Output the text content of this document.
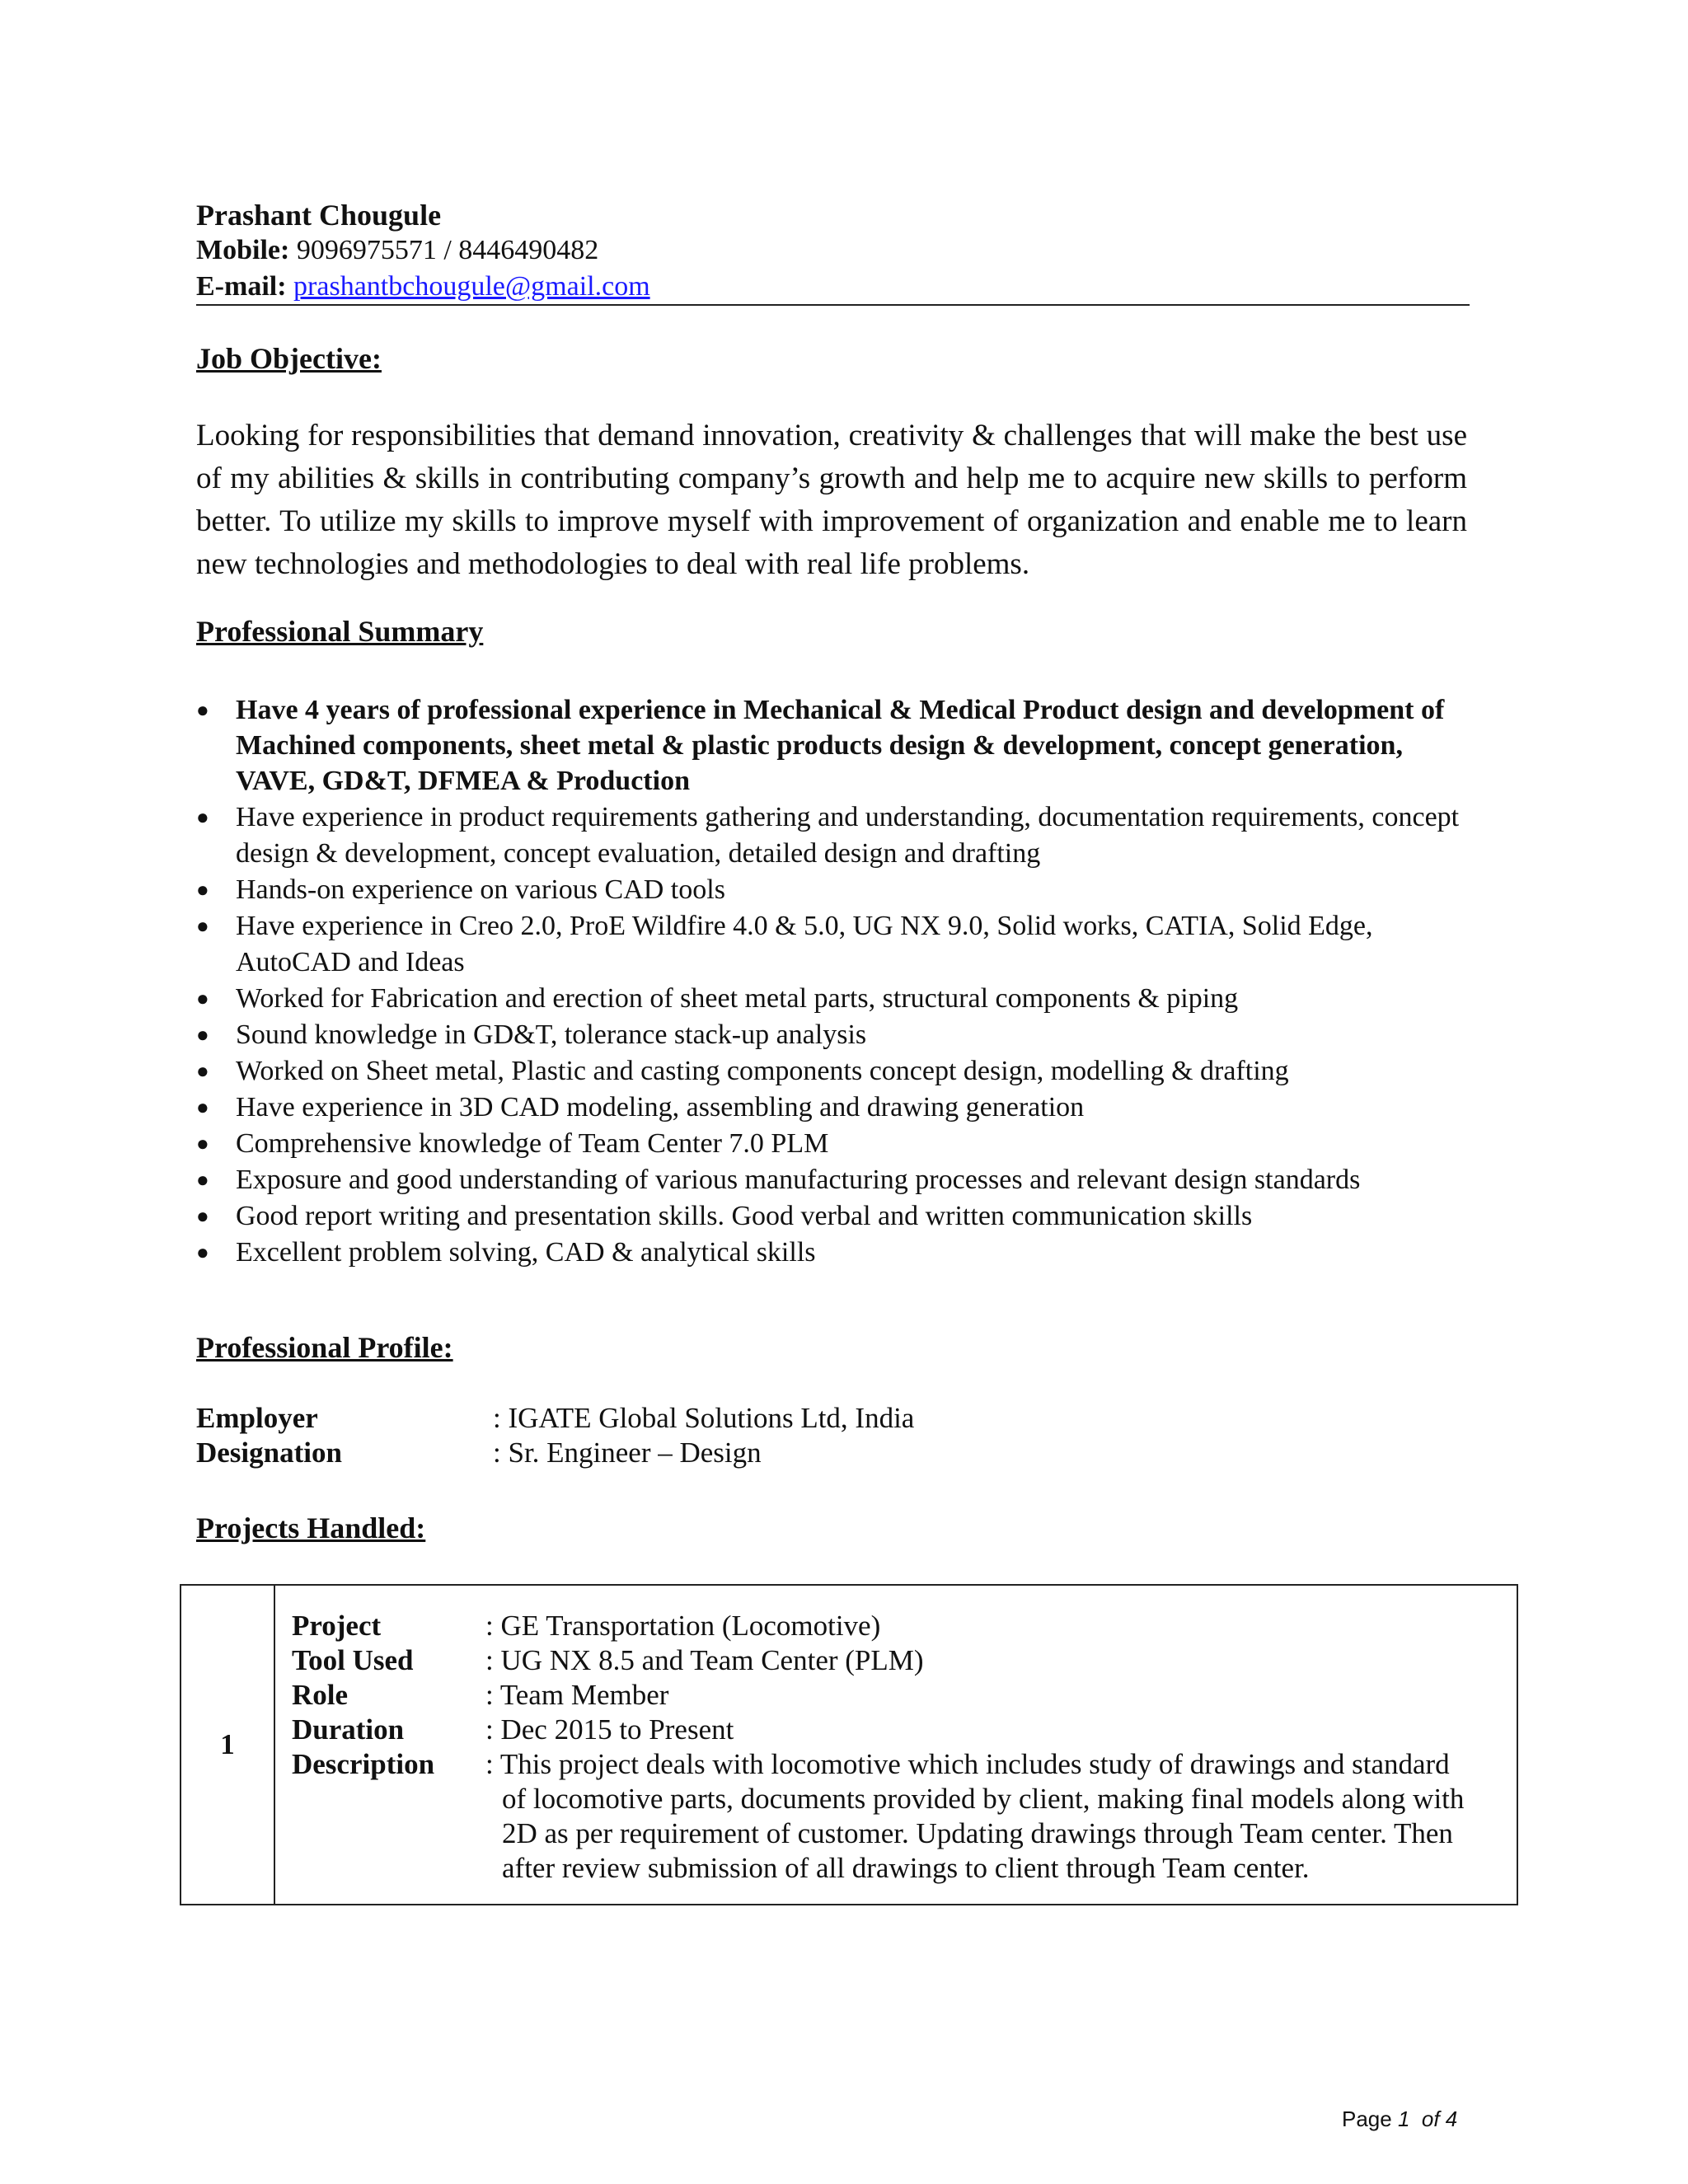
Prashant Chougule

Mobile: 9096975571 / 8446490482
E-mail: prashantbchougule@gmail.com

Job Objective:

Looking for responsibilities that demand innovation, creativity & challenges that will make the best use of my abilities & skills in contributing company’s growth and help me to acquire new skills to perform better. To utilize my skills to improve myself with improvement of organization and enable me to learn new technologies and methodologies to deal with real life problems.

Professional Summary

● Have 4 years of professional experience in Mechanical & Medical Product design and development of Machined components, sheet metal & plastic products design & development, concept generation, VAVE, GD&T, DFMEA & Production
● Have experience in product requirements gathering and understanding, documentation requirements, concept design & development, concept evaluation, detailed design and drafting
● Hands-on experience on various CAD tools
● Have experience in Creo 2.0, ProE Wildfire 4.0 & 5.0, UG NX 9.0, Solid works, CATIA, Solid Edge, AutoCAD and Ideas
● Worked for Fabrication and erection of sheet metal parts, structural components & piping
● Sound knowledge in GD&T, tolerance stack-up analysis
● Worked on Sheet metal, Plastic and casting components concept design, modelling & drafting
● Have experience in 3D CAD modeling, assembling and drawing generation
● Comprehensive knowledge of Team Center 7.0 PLM
● Exposure and good understanding of various manufacturing processes and relevant design standards
● Good report writing and presentation skills. Good verbal and written communication skills
● Excellent problem solving, CAD & analytical skills

Professional Profile:

Employer	: IGATE Global Solutions Ltd, India
Designation	: Sr. Engineer – Design

Projects Handled:

1	
Project	: GE Transportation (Locomotive)
Tool Used	: UG NX 8.5 and Team Center (PLM)
Role	: Team Member
Duration	: Dec 2015 to Present
Description	: This project deals with locomotive which includes study of drawings and standard
of locomotive parts, documents provided by client, making final models along with 2D as per requirement of customer. Updating drawings through Team center. Then after review submission of all drawings to client through Team center.
Page 1 of 4
